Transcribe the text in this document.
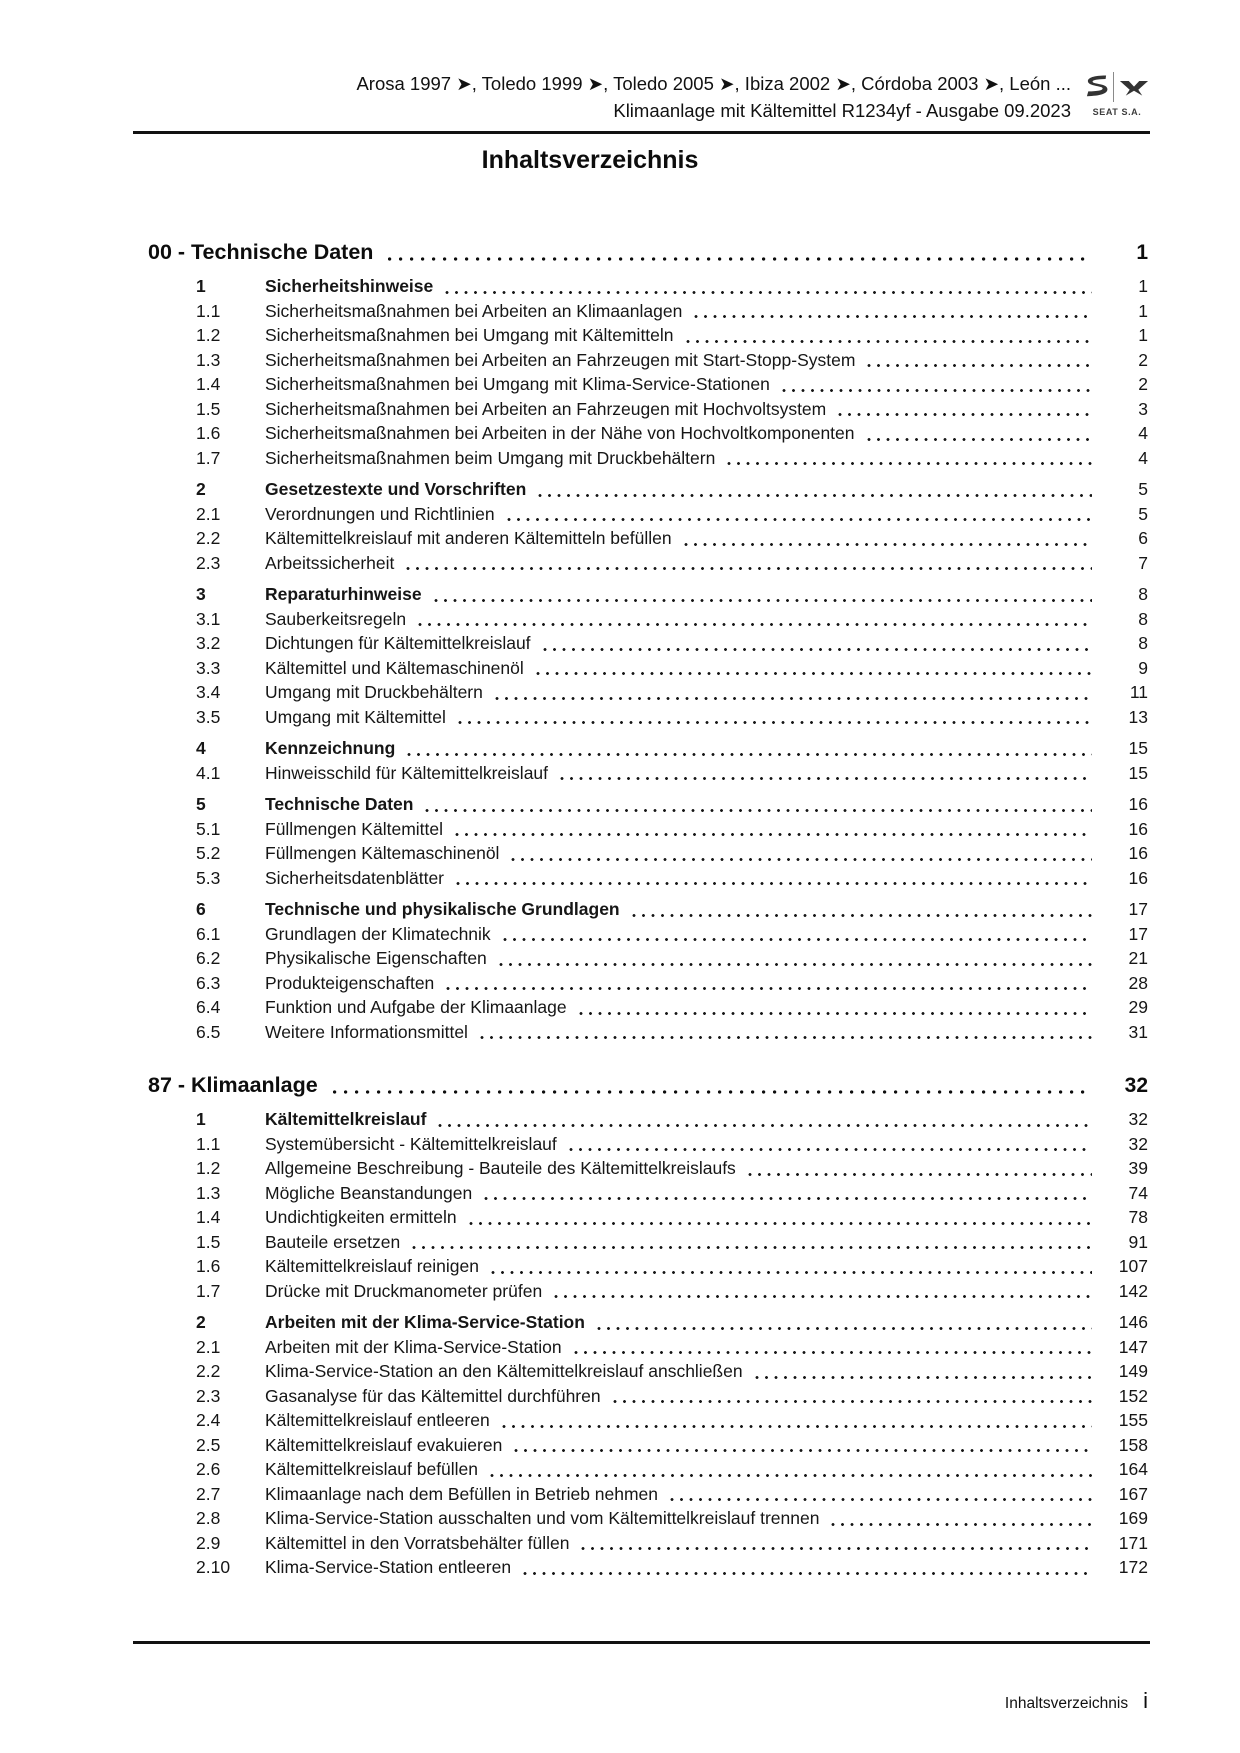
Arosa 1997 ➤, Toledo 1999 ➤, Toledo 2005 ➤, Ibiza 2002 ➤, Córdoba 2003 ➤, León ...
Klimaanlage mit Kältemittel R1234yf - Ausgabe 09.2023	SEAT S.A.
Inhaltsverzeichnis
00 - Technische Daten	1
1	Sicherheitshinweise	1
1.1	Sicherheitsmaßnahmen bei Arbeiten an Klimaanlagen	1
1.2	Sicherheitsmaßnahmen bei Umgang mit Kältemitteln	1
1.3	Sicherheitsmaßnahmen bei Arbeiten an Fahrzeugen mit Start-Stopp-System	2
1.4	Sicherheitsmaßnahmen bei Umgang mit Klima-Service-Stationen	2
1.5	Sicherheitsmaßnahmen bei Arbeiten an Fahrzeugen mit Hochvoltsystem	3
1.6	Sicherheitsmaßnahmen bei Arbeiten in der Nähe von Hochvoltkomponenten	4
1.7	Sicherheitsmaßnahmen beim Umgang mit Druckbehältern	4
2	Gesetzestexte und Vorschriften	5
2.1	Verordnungen und Richtlinien	5
2.2	Kältemittelkreislauf mit anderen Kältemitteln befüllen	6
2.3	Arbeitssicherheit	7
3	Reparaturhinweise	8
3.1	Sauberkeitsregeln	8
3.2	Dichtungen für Kältemittelkreislauf	8
3.3	Kältemittel und Kältemaschinenöl	9
3.4	Umgang mit Druckbehältern	11
3.5	Umgang mit Kältemittel	13
4	Kennzeichnung	15
4.1	Hinweisschild für Kältemittelkreislauf	15
5	Technische Daten	16
5.1	Füllmengen Kältemittel	16
5.2	Füllmengen Kältemaschinenöl	16
5.3	Sicherheitsdatenblätter	16
6	Technische und physikalische Grundlagen	17
6.1	Grundlagen der Klimatechnik	17
6.2	Physikalische Eigenschaften	21
6.3	Produkteigenschaften	28
6.4	Funktion und Aufgabe der Klimaanlage	29
6.5	Weitere Informationsmittel	31
87 - Klimaanlage	32
1	Kältemittelkreislauf	32
1.1	Systemübersicht - Kältemittelkreislauf	32
1.2	Allgemeine Beschreibung - Bauteile des Kältemittelkreislaufs	39
1.3	Mögliche Beanstandungen	74
1.4	Undichtigkeiten ermitteln	78
1.5	Bauteile ersetzen	91
1.6	Kältemittelkreislauf reinigen	107
1.7	Drücke mit Druckmanometer prüfen	142
2	Arbeiten mit der Klima-Service-Station	146
2.1	Arbeiten mit der Klima-Service-Station	147
2.2	Klima-Service-Station an den Kältemittelkreislauf anschließen	149
2.3	Gasanalyse für das Kältemittel durchführen	152
2.4	Kältemittelkreislauf entleeren	155
2.5	Kältemittelkreislauf evakuieren	158
2.6	Kältemittelkreislauf befüllen	164
2.7	Klimaanlage nach dem Befüllen in Betrieb nehmen	167
2.8	Klima-Service-Station ausschalten und vom Kältemittelkreislauf trennen	169
2.9	Kältemittel in den Vorratsbehälter füllen	171
2.10	Klima-Service-Station entleeren	172
Inhaltsverzeichnis i
